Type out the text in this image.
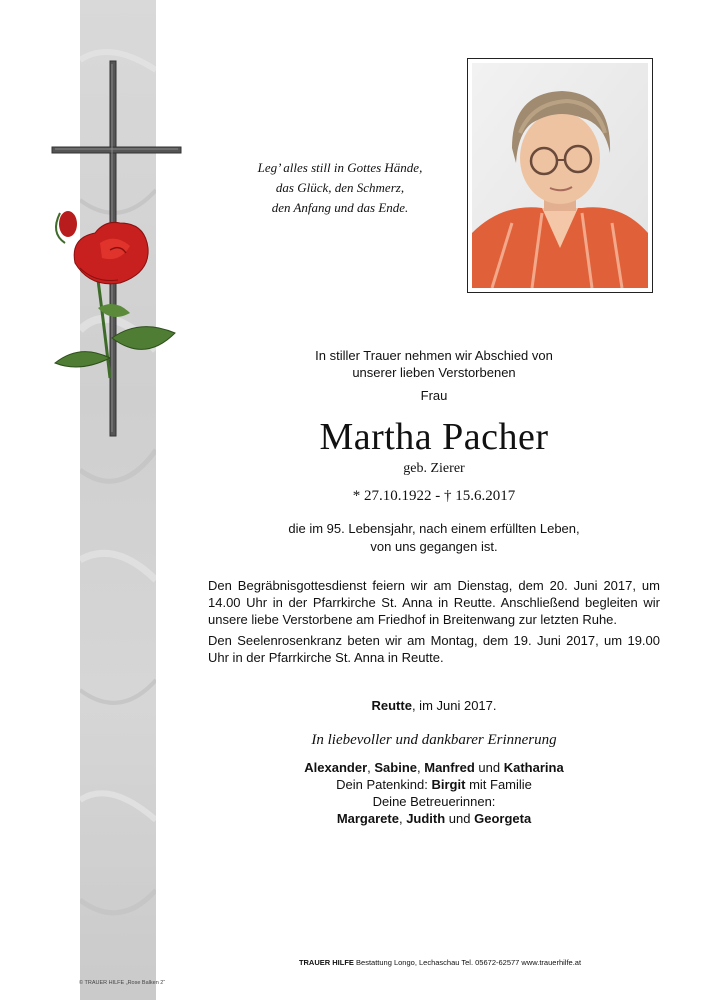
Leg’ alles still in Gottes Hände,
das Glück, den Schmerz,
den Anfang und das Ende.
In stiller Trauer nehmen wir Abschied von
unserer lieben Verstorbenen
Frau
Martha Pacher
geb. Zierer
* 27.10.1922 - † 15.6.2017
die im 95. Lebensjahr, nach einem erfüllten Leben,
von uns gegangen ist.
Den Begräbnisgottesdienst feiern wir am Dienstag, dem 20. Juni 2017, um 14.00 Uhr in der Pfarrkirche St. Anna in Reutte. Anschließend begleiten wir unsere liebe Verstorbene am Friedhof in Breitenwang zur letzten Ruhe.
Den Seelenrosenkranz beten wir am Montag, dem 19. Juni 2017, um 19.00 Uhr in der Pfarrkirche St. Anna in Reutte.
Reutte, im Juni 2017.
In liebevoller und dankbarer Erinnerung
Alexander, Sabine, Manfred und Katharina
Dein Patenkind: Birgit mit Familie
Deine Betreuerinnen:
Margarete, Judith und Georgeta
TRAUER HILFE Bestattung Longo, Lechaschau Tel. 05672-62577 www.trauerhilfe.at
© TRAUER HILFE „Rose Balken 2“
